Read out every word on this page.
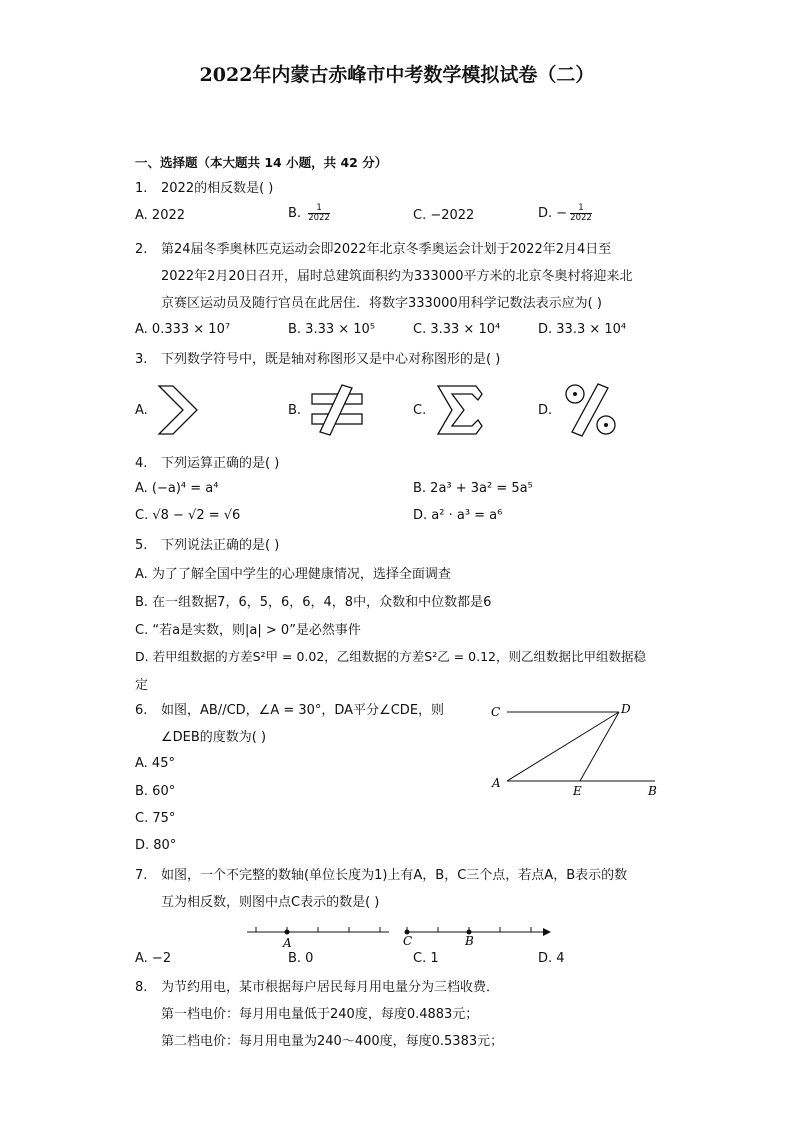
2022年内蒙古赤峰市中考数学模拟试卷（二）
一、选择题（本大题共 14 小题，共 42 分）
1. 2022的相反数是( )
A. 2022	B. $\frac{1}{2022}$	C. −2022	D. − $\frac{1}{2022}$
2. 第24届冬季奥林匹克运动会即2022年北京冬季奥运会计划于2022年2月4日至
2022年2月20日召开，届时总建筑面积约为333000平方米的北京冬奥村将迎来北
京赛区运动员及随行官员在此居住．将数字333000用科学记数法表示应为( )
A. 0.333 × 10⁷	B. 3.33 × 10⁵	C. 3.33 × 10⁴	D. 33.3 × 10⁴
3. 下列数学符号中，既是轴对称图形又是中心对称图形的是( )
A.	B.	C.	D.
4. 下列运算正确的是( )
A. (−a)⁴ = a⁴	B. 2a³ + 3a² = 5a⁵
C. √8 − √2 = √6	D. a² · a³ = a⁶
5. 下列说法正确的是( )
A. 为了了解全国中学生的心理健康情况，选择全面调查
B. 在一组数据7，6，5，6，6，4，8中，众数和中位数都是6
C. “若a是实数，则|a| > 0”是必然事件
D. 若甲组数据的方差S²甲 = 0.02，乙组数据的方差S²乙 = 0.12，则乙组数据比甲组数据稳
定
6. 如图，AB//CD，∠A = 30°，DA平分∠CDE，则
∠DEB的度数为( )
A. 45°
B. 60°
C. 75°
D. 80°
C	D
A
E	B
7. 如图，一个不完整的数轴(单位长度为1)上有A，B，C三个点，若点A，B表示的数
互为相反数，则图中点C表示的数是( )
A	C	B
A. −2	B. 0	C. 1	D. 4
8. 为节约用电，某市根据每户居民每月用电量分为三档收费．
第一档电价：每月用电量低于240度，每度0.4883元；
第二档电价：每月用电量为240～400度，每度0.5383元；
